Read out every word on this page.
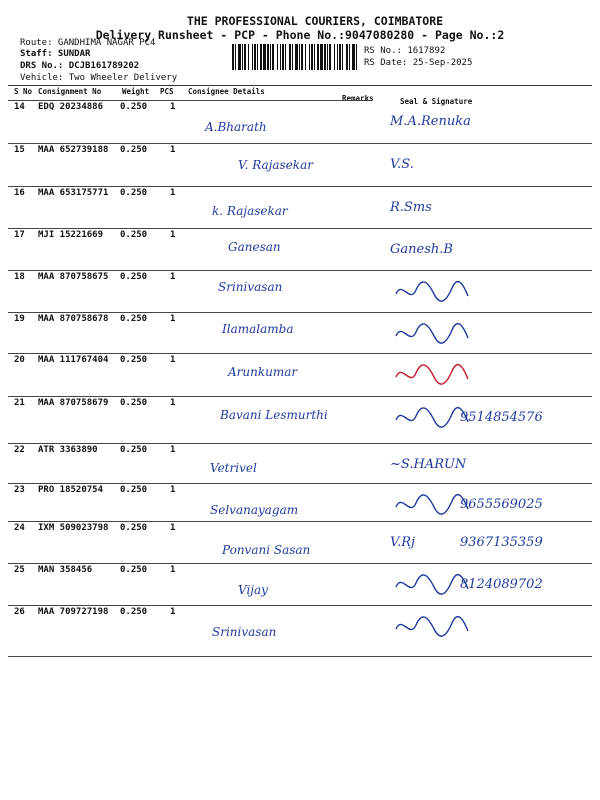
THE PROFESSIONAL COURIERS, COIMBATORE
Delivery Runsheet - PCP - Phone No.:9047080280 - Page No.:2
Route: GANDHIMA NAGAR PC4
Staff: SUNDAR
DRS No.: DCJB161789202
Vehicle: Two Wheeler Delivery
RS No.: 1617892
RS Date: 25-Sep-2025
S No Consignment No	Weight PCS Consignee Details
Remarks	Seal & Signature
14 EDQ 20234886 0.250	1
A.Bharath	M.A.Renuka
15 MAA 652739188 0.250	1
V. Rajasekar	V.S.
16 MAA 653175771 0.250	1
k. Rajasekar	R.Sms
17 MJI 15221669 0.250	1
Ganesan	Ganesh.B
18 MAA 870758675 0.250	1
Srinivasan
19 MAA 870758678 0.250	1
Ilamalamba
20 MAA 111767404 0.250	1
Arunkumar
21 MAA 870758679 0.250	1
Bavani Lesmurthi	9514854576
22 ATR 3363890 0.250	1
Vetrivel	~S.HARUN
23 PRO 18520754 0.250	1
Selvanayagam	9655569025
24 IXM 509023798 0.250	1
Ponvani Sasan	V.Rj	9367135359
25 MAN 358456	0.250	1
Vijay	8124089702
26 MAA 709727198 0.250	1
Srinivasan
